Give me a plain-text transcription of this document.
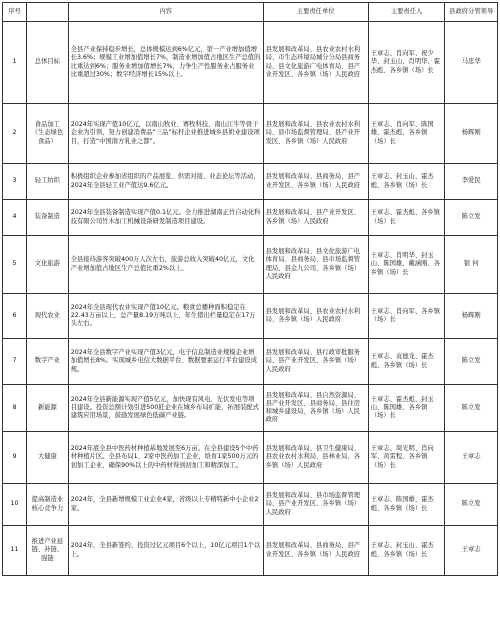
序号		内容	主要责任单位	主要责任人	县政府分管领导
1	总体目标	全县产业保持稳步增长，总体规模达到6%亿元，第一产业增加值增长3.6%；规模工业增加值增长7%，制造业增加值占地区生产总值的比重达到6%；服务业增加值增长7%，力争生产性服务业占服务业比重超过30%；数字经济增长15%以上。	县发展和改革局、县农业农村水利局、市生态环境局城分分局县商务局、县文化旅游广电体育局、县产业开发区、各乡镇（场）人民政府	王章志、肖向军、祝少华、封玉山、肖明华、霍杰彪、各乡镇（场）长	马忠华
2	食品加工（生态绿色食品）	2024年实现产值10亿元，以南山牧业、赛牧科技、南山江牛等骨干企业为引领，努力创建消费品“三品”标杆企业推进城乡县奶业建设项目，打造“中国南方乳业之都”。	县发展和改革局、县农业农村水利局、县市场监督管理局、县产业开发区、各乡镇（场）人民政府	王章志、肖向军、陈国雄、霍杰彪、各乡镇（场）长	杨辉刚
3	轻工纺织	积极组织企业参加省组织的产品展览、供需对接、业态论坛等活动，2024年全县轻工业产值达9.6亿元。	县发展和改革局、县商务局、县产业开发区、各乡镇（场）人民政府	王章志、封玉山、霍杰彪、各乡镇（场）长	李爱民
4	装备制造	2024年全县装备制造实现产值0.1亿元。全力推进湖南正竹自动化科技有限公司竹木加工机械设备研发制造项目建设。	县发展和改革局、县产业开发区、各乡镇（场）人民政府	王章志、霍杰彪、各乡镇（场）长	陈立发
5	文化旅游	全县接待游客突破400万人次左右，旅游总收入突破40亿元，文化产业增加值占地区生产总值比重2%以上。	县发展和改革局、县文化旅游广电体育局、县商务局、县市场监督管理局、县金九公司、各乡镇（场）人民政府	王章志、肖明华、封玉山、陈国雄、戴涵刚、各乡镇（场）长	银 何
6	现代农业	2024年全县现代农业实现产值10亿元。粮食总播种面积稳定在22.43万亩以上，总产量8.19万吨以上，年生猪出栏量稳定在17万头左右。	县发展和改革局、县农业农村水利局、各乡镇（场）人民政府	王章志、肖向军、各乡镇（场）长	杨辉刚
7	数字产业	2024年全县数字产业实现产值3亿元，电子信息制造业规模企业增加值增长8%。实现城乡电信大数据平台、数据要素运行平台建设成规。	县发展和改革局、县行政审批服务局、县产业开发区、各乡镇（场）人民政府	王章志、袁德龙、霍杰彪、各乡镇（场）长	陈立发
8	新能源	2024年全县新能源实现产值5亿元，加快现有风电、光伏发电等项目建设。投资总额计划引进500瓩企业在城乡布局扩能，拓展装配式建筑应用场景，鼓励发展绿色低碳产业链。	县发展和改革局、县自然资源局、县产业开发区、县商务局、县住房和城乡建设局、各乡镇（场）人民政府	王章志、霍杰彪、封玉山、陈国雄、各乡镇（场）长	陈立发
9	大健康	2024年底全县中医药材种植基地发展至6万亩。在全县建设5个中药材种植片区。全县布局1、2家中医药加工企业，培育1家500万元的初加工企业，确保90%以上的中药材得到初加工和精深加工。	县发展和改革局、县卫生健康局、县农业农村水利局、县林业局、各乡镇（场）人民政府	王章志、周光明、肖向军、黄雷程、各乡镇（场）长	王章志
10	提高制造业核心竞争力	2024年，全县新增规模工业企业4家，省级以上专精特新中小企业2家。	县发展和改革局、县市场监督管理局、县产业开发区、各乡镇（场）人民政府	王章志、陈国雄、霍杰彪、各乡镇（场）长	陈立发
11	推进产业延链、补链、强链	2024年，全县新签约、投资过亿元项目6个以上，10亿元项目1个以上。	县发展和改革局、县商务局、县产业开发区、各乡镇（场）人民政府	王章志、封玉山、霍杰彪、各乡镇（场）长	王章志
